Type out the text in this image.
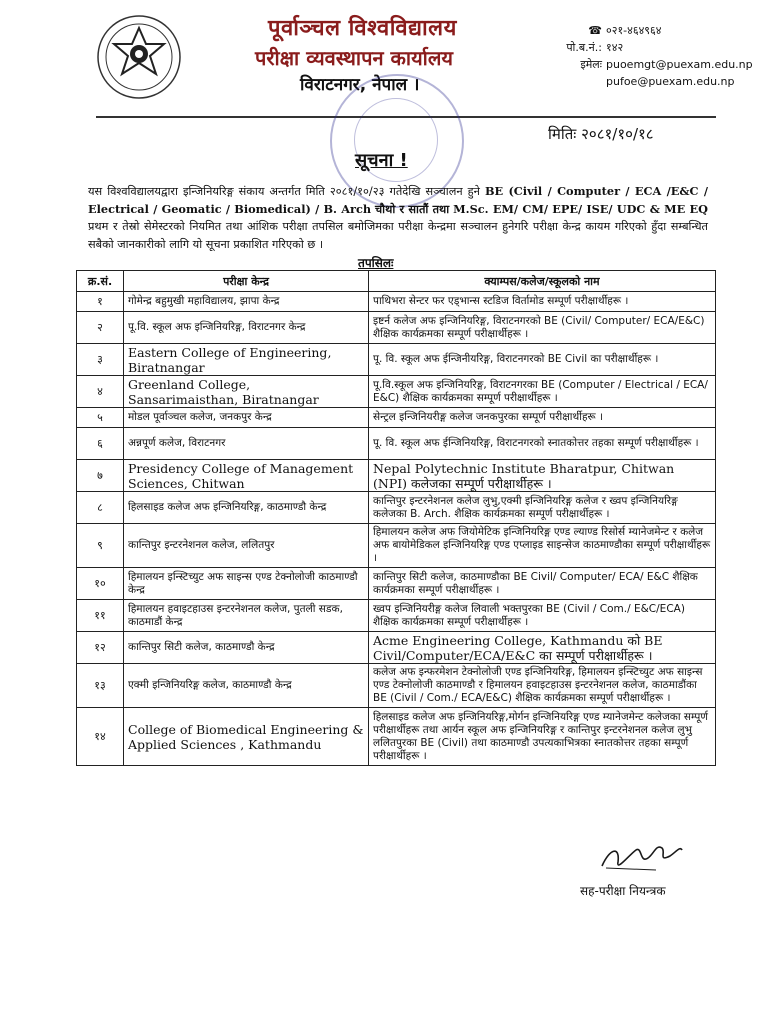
पूर्वाञ्चल विश्वविद्यालय
परीक्षा व्यवस्थापन कार्यालय
विराटनगर, नेपाल ।
☎ ०२१-४६४९६४
पो.ब.नं.: १४२
इमेलः puoemgt@puexam.edu.np
pufoe@puexam.edu.np
मितिः २०८१/१०/१८
सूचना !
यस विश्वविद्यालयद्वारा इन्जिनियरिङ्ग संकाय अन्तर्गत मिति २०८१/१०/२३ गतेदेखि सञ्चालन हुने BE (Civil / Computer / ECA /E&C / Electrical / Geomatic / Biomedical) / B. Arch चौथो र सातौं तथा M.Sc. EM/ CM/ EPE/ ISE/ UDC & ME EQ प्रथम र तेस्रो सेमेस्टरको नियमित तथा आंशिक परीक्षा तपसिल बमोजिमका परीक्षा केन्द्रमा सञ्चालन हुनेगरि परीक्षा केन्द्र कायम गरिएको हुँदा सम्बन्धित सबैको जानकारीको लागि यो सूचना प्रकाशित गरिएको छ ।
तपसिलः
क्र.सं.	परीक्षा केन्द्र	क्याम्पस/कलेज/स्कूलको नाम
१	गोमेन्द्र बहुमुखी महाविद्यालय, झापा केन्द्र	पाथिभरा सेन्टर फर एड्भान्स स्टडिज विर्तामोड सम्पूर्ण परीक्षार्थीहरू ।
२	पू.वि. स्कूल अफ इन्जिनियरिङ्ग, विराटनगर केन्द्र	इष्टर्न कलेज अफ इन्जिनियरिङ्ग, विराटनगरको BE (Civil/ Computer/ ECA/E&C) शैक्षिक कार्यक्रमका सम्पूर्ण परीक्षार्थीहरू ।
३	Eastern College of Engineering, Biratnangar	पू. वि. स्कूल अफ ईन्जिनीयरिङ्ग, विराटनगरको BE Civil का परीक्षार्थीहरू ।
४	Greenland College, Sansarimaisthan, Biratnangar	पू.वि.स्कूल अफ इन्जिनियरिङ्ग, विराटनगरका BE (Computer / Electrical / ECA/ E&C) शैक्षिक कार्यक्रमका सम्पूर्ण परीक्षार्थीहरू ।
५	मोडल पूर्वाञ्चल कलेज, जनकपुर केन्द्र	सेन्ट्रल इन्जिनियरीङ्ग कलेज जनकपुरका सम्पूर्ण परीक्षार्थीहरू ।
६	अन्नपूर्ण कलेज, विराटनगर	पू. वि. स्कूल अफ ईन्जिनियरिङ्ग, विराटनगरको स्नातकोत्तर तहका सम्पूर्ण परीक्षार्थीहरू ।
७	Presidency College of Management Sciences, Chitwan	Nepal Polytechnic Institute Bharatpur, Chitwan (NPI) कलेजका सम्पूर्ण परीक्षार्थीहरू ।
८	हिलसाइड कलेज अफ इन्जिनियरिङ्ग, काठमाण्डौ केन्द्र	कान्तिपुर इन्टरनेशनल कलेज लुभु,एक्मी इन्जिनियरिङ्ग कलेज र ख्वप इन्जिनियरिङ्ग कलेजका B. Arch. शैक्षिक कार्यक्रमका सम्पूर्ण परीक्षार्थीहरू ।
९	कान्तिपुर इन्टरनेशनल कलेज, ललितपुर	हिमालयन कलेज अफ जियोमेटिक इन्जिनियरिङ्ग एण्ड ल्याण्ड रिसोर्स म्यानेजमेन्ट र कलेज अफ बायोमेडिकल इन्जिनियरिङ्ग एण्ड एप्लाइड साइन्सेज काठमाण्डौका सम्पूर्ण परीक्षार्थीहरू ।
१०	हिमालयन इन्स्टिच्युट अफ साइन्स एण्ड टेक्नोलोजी काठमाण्डौ केन्द्र	कान्तिपुर सिटी कलेज, काठमाण्डौका BE Civil/ Computer/ ECA/ E&C शैक्षिक कार्यक्रमका सम्पूर्ण परीक्षार्थीहरू ।
११	हिमालयन हवाइटहाउस इन्टरनेशनल कलेज, पुतली सडक, काठमाडौं केन्द्र	ख्वप इन्जिनियरीङ्ग कलेज लिवाली भक्तपुरका BE (Civil / Com./ E&C/ECA) शैक्षिक कार्यक्रमका सम्पूर्ण परीक्षार्थीहरू ।
१२	कान्तिपुर सिटी कलेज, काठमाण्डौ केन्द्र	Acme Engineering College, Kathmandu को BE Civil/Computer/ECA/E&C का सम्पूर्ण परीक्षार्थीहरू ।
१३	एक्मी इन्जिनियरिङ्ग कलेज, काठमाण्डौ केन्द्र	कलेज अफ इन्फरमेशन टेक्नोलोजी एण्ड इन्जिनियरिङ्ग, हिमालयन इन्स्टिच्युट अफ साइन्स एण्ड टेक्नोलोजी काठमाण्डौ र हिमालयन हवाइटहाउस इन्टरनेशनल कलेज, काठमाडौंका BE (Civil / Com./ ECA/E&C) शैक्षिक कार्यक्रमका सम्पूर्ण परीक्षार्थीहरू ।
१४	College of Biomedical Engineering & Applied Sciences , Kathmandu	हिलसाइड कलेज अफ इन्जिनियरिङ्ग,मोर्गन इन्जिनियरिङ्ग एण्ड म्यानेजमेन्ट कलेजका सम्पूर्ण परीक्षार्थीहरू तथा आर्यन स्कूल अफ इन्जिनियरिङ्ग र कान्तिपुर इन्टरनेशनल कलेज लुभु ललितपुरका BE (Civil) तथा काठमाण्डौ उपत्यकाभित्रका स्नातकोत्तर तहका सम्पूर्ण परीक्षार्थीहरू ।
सह-परीक्षा नियन्त्रक
